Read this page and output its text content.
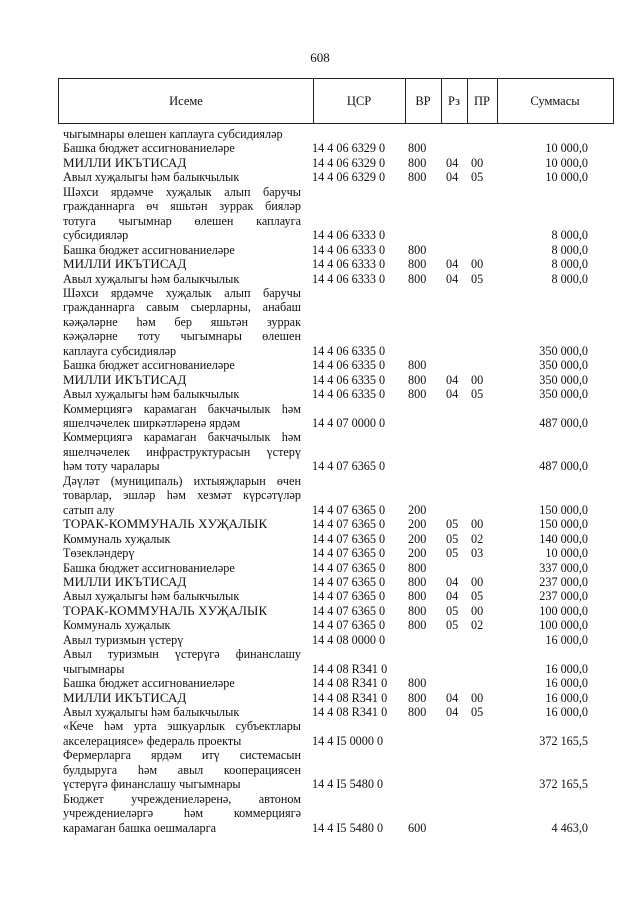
608
Исеме	ЦСР	ВР	Рз	ПР	Суммасы
чыгымнары өлешен каплауга субсидияләр
Башка бюджет ассигнованиеләре	14 4 06 6329 0 800	10 000,0
МИЛЛИ ИКЪТИСАД	14 4 06 6329 0 800 04 00	10 000,0
Авыл хуҗалыгы һәм балыкчылык	14 4 06 6329 0 800 04 05	10 000,0
Шәхси ярдәмче хуҗалык алып баручы
гражданнарга өч яшьтән зуррак бияләр
тотуга чыгымнар өлешен каплауга
субсидияләр	14 4 06 6333 0	8 000,0
Башка бюджет ассигнованиеләре	14 4 06 6333 0 800	8 000,0
МИЛЛИ ИКЪТИСАД	14 4 06 6333 0 800 04 00	8 000,0
Авыл хуҗалыгы һәм балыкчылык	14 4 06 6333 0 800 04 05	8 000,0
Шәхси ярдәмче хуҗалык алып баручы
гражданнарга савым сыерларны, анабаш
кәҗәләрне һәм бер яшьтән зуррак
кәҗәләрне тоту чыгымнары өлешен
каплауга субсидияләр	14 4 06 6335 0	350 000,0
Башка бюджет ассигнованиеләре	14 4 06 6335 0 800	350 000,0
МИЛЛИ ИКЪТИСАД	14 4 06 6335 0 800 04 00	350 000,0
Авыл хуҗалыгы һәм балыкчылык	14 4 06 6335 0 800 04 05	350 000,0
Коммерциягә карамаган бакчачылык һәм
яшелчәчелек ширкәтләренә ярдәм	14 4 07 0000 0	487 000,0
Коммерциягә карамаган бакчачылык һәм
яшелчәчелек инфраструктурасын үстерү
һәм тоту чаралары	14 4 07 6365 0	487 000,0
Дәүләт (муниципаль) ихтыяҗларын өчен
товарлар, эшләр һәм хезмәт күрсәтүләр
сатып алу	14 4 07 6365 0 200	150 000,0
ТОРАК-КОММУНАЛЬ ХУҖАЛЫК	14 4 07 6365 0 200 05 00	150 000,0
Коммуналь хуҗалык	14 4 07 6365 0 200 05 02	140 000,0
Төзекләндерү	14 4 07 6365 0 200 05 03	10 000,0
Башка бюджет ассигнованиеләре	14 4 07 6365 0 800	337 000,0
МИЛЛИ ИКЪТИСАД	14 4 07 6365 0 800 04 00	237 000,0
Авыл хуҗалыгы һәм балыкчылык	14 4 07 6365 0 800 04 05	237 000,0
ТОРАК-КОММУНАЛЬ ХУҖАЛЫК	14 4 07 6365 0 800 05 00	100 000,0
Коммуналь хуҗалык	14 4 07 6365 0 800 05 02	100 000,0
Авыл туризмын үстерү	14 4 08 0000 0	16 000,0
Авыл туризмын үстерүгә финанслашу
чыгымнары	14 4 08 R341 0	16 000,0
Башка бюджет ассигнованиеләре	14 4 08 R341 0 800	16 000,0
МИЛЛИ ИКЪТИСАД	14 4 08 R341 0 800 04 00	16 000,0
Авыл хуҗалыгы һәм балыкчылык	14 4 08 R341 0 800 04 05	16 000,0
«Кече һәм урта эшкуарлык субъектлары
акселерациясе» федераль проекты	14 4 I5 0000 0	372 165,5
Фермерларга ярдәм итү системасын
булдыруга һәм авыл кооперациясен
үстерүгә финанслашу чыгымнары	14 4 I5 5480 0	372 165,5
Бюджет учреждениеләренә, автоном
учреждениеләргә һәм коммерциягә
карамаган башка оешмаларга	14 4 I5 5480 0 600	4 463,0
